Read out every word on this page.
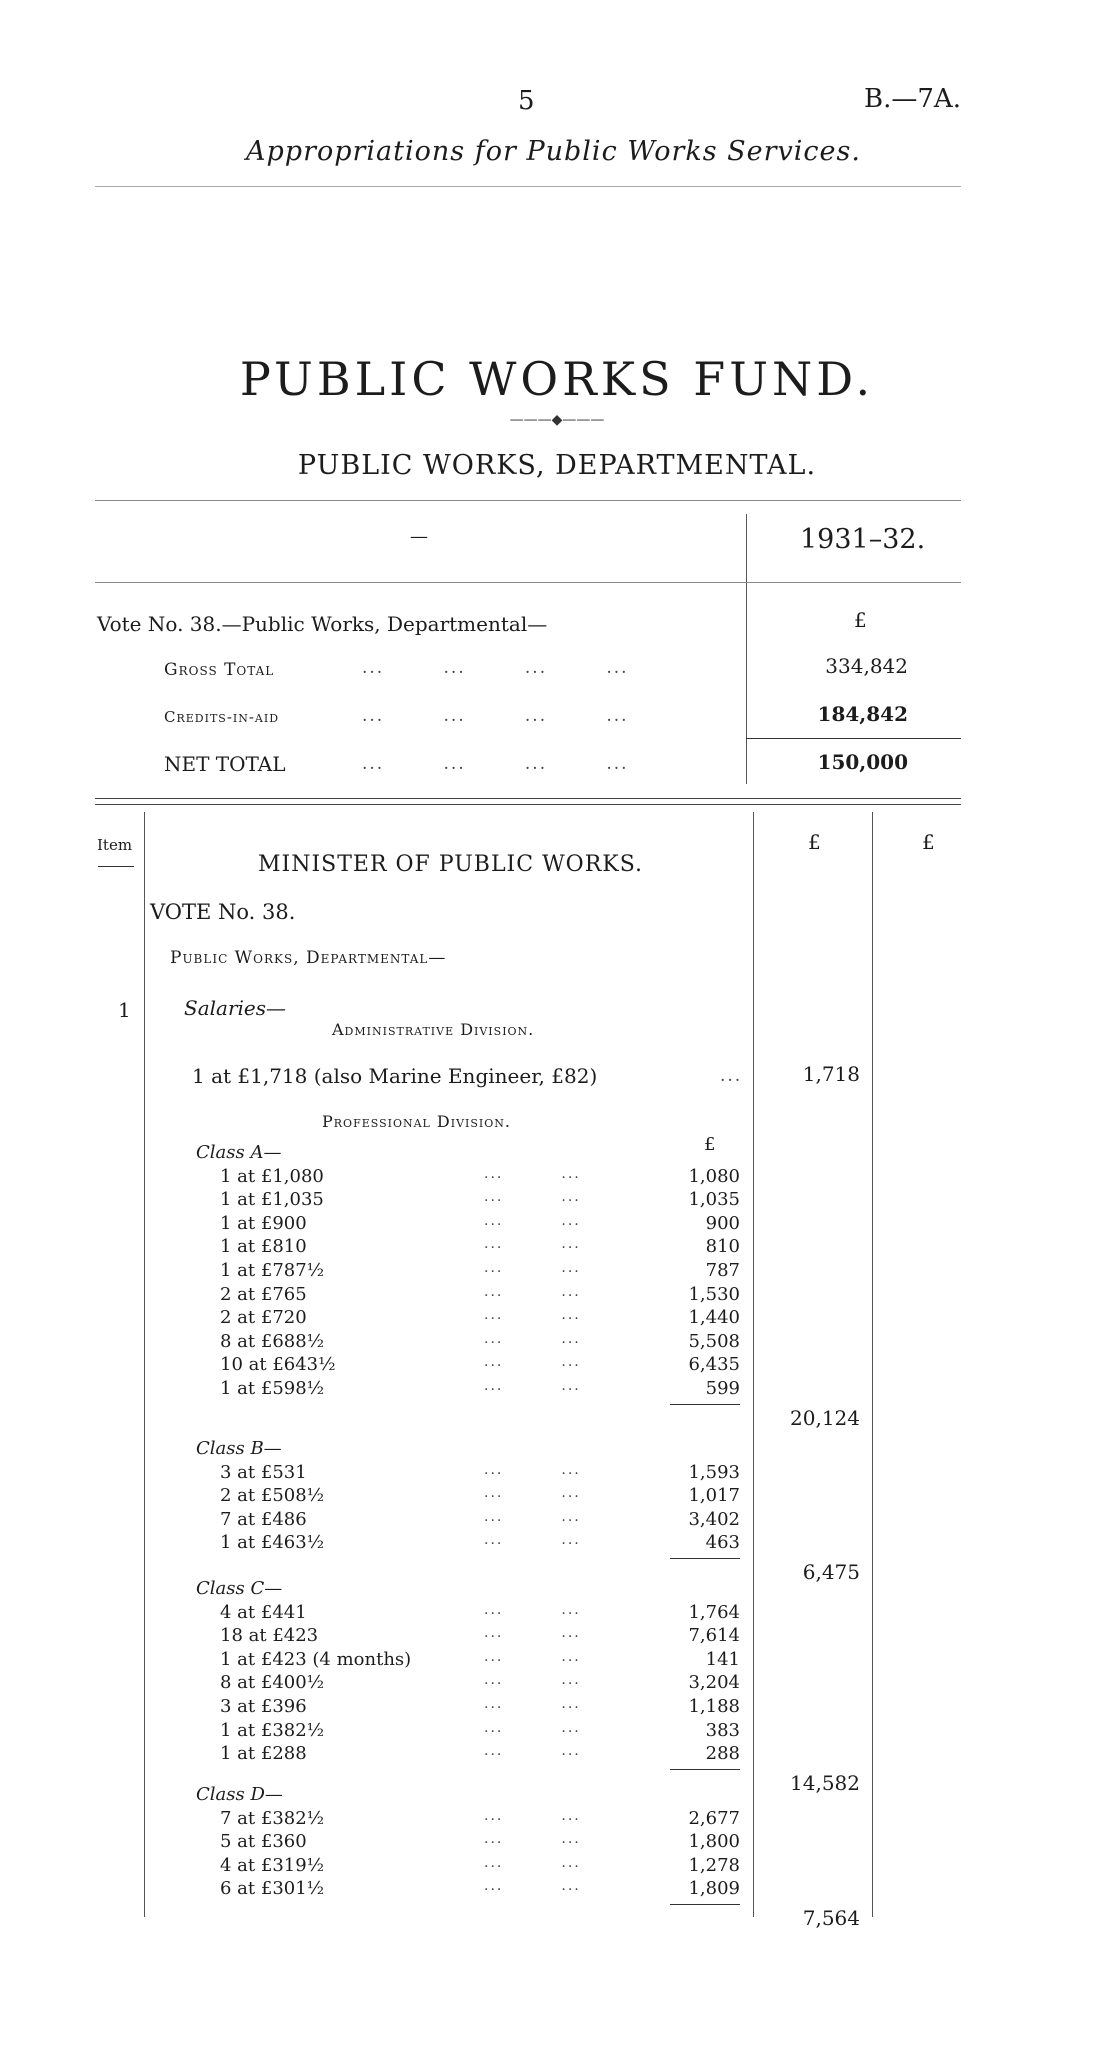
5	B.—7A.
Appropriations for Public Works Services.
PUBLIC WORKS FUND.
———◆———
PUBLIC WORKS, DEPARTMENTAL.
—	1931–32.
Vote No. 38.—Public Works, Departmental—	£
Gross Total	...        ...        ...        ...	334,842
Credits-in-aid	...        ...        ...        ...	184,842
NET TOTAL	...        ...        ...        ...	150,000
Item	£	£
MINISTER OF PUBLIC WORKS.
VOTE No. 38.
Public Works, Departmental—
1	Salaries—
Administrative Division.
1 at £1,718 (also Marine Engineer, £82)	...	1,718
Professional Division.
£
Class A—
1 at £1,080	...         ...	1,080
1 at £1,035	...         ...	1,035
1 at £900	...         ...	900
1 at £810	...         ...	810
1 at £787½	...         ...	787
2 at £765	...         ...	1,530
2 at £720	...         ...	1,440
8 at £688½	...         ...	5,508
10 at £643½	...         ...	6,435
1 at £598½	...         ...	599
20,124
Class B—
3 at £531	...         ...	1,593
2 at £508½	...         ...	1,017
7 at £486	...         ...	3,402
1 at £463½	...         ...	463
6,475
Class C—
4 at £441	...         ...	1,764
18 at £423	...         ...	7,614
1 at £423 (4 months)	...         ...	141
8 at £400½	...         ...	3,204
3 at £396	...         ...	1,188
1 at £382½	...         ...	383
1 at £288	...         ...	288
14,582
Class D—
7 at £382½	...         ...	2,677
5 at £360	...         ...	1,800
4 at £319½	...         ...	1,278
6 at £301½	...         ...	1,809
7,564
